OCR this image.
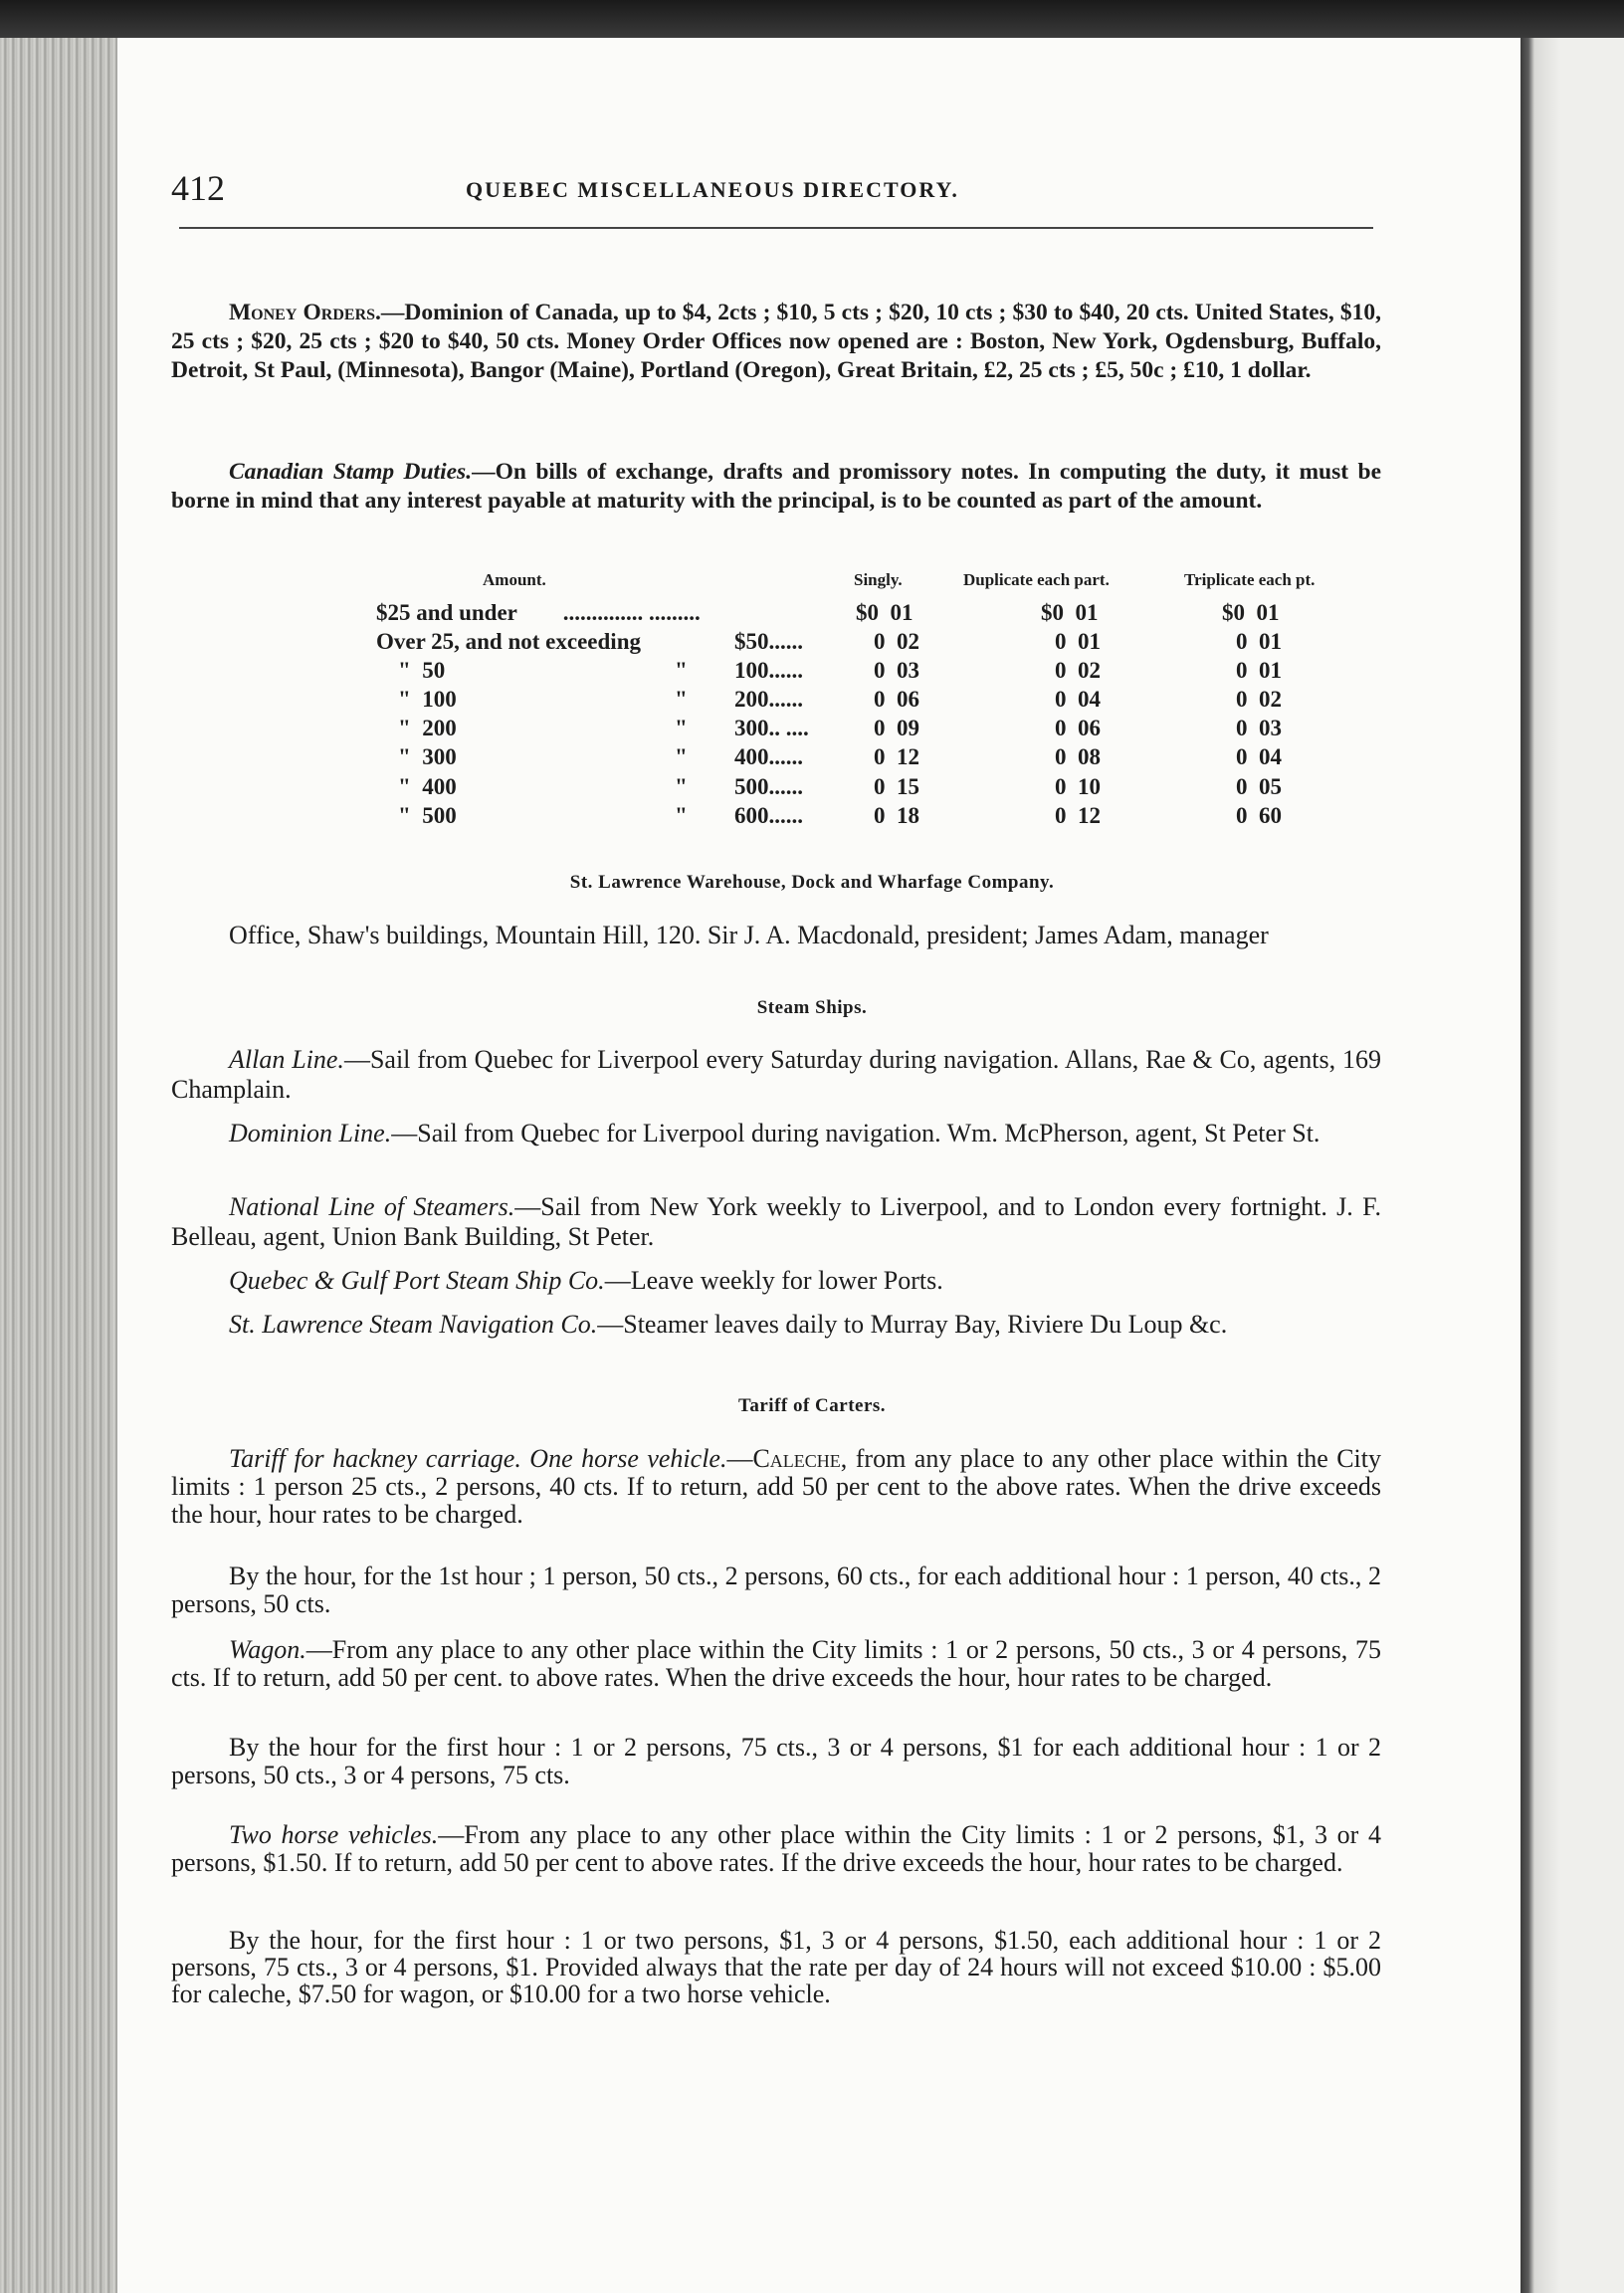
412	QUEBEC MISCELLANEOUS DIRECTORY.

Money Orders.—Dominion of Canada, up to $4, 2cts ; $10, 5 cts ; $20, 10 cts ; $30 to $40, 20 cts. United States, $10, 25 cts ; $20, 25 cts ; $20 to $40, 50 cts. Money Order Offices now opened are : Boston, New York, Ogdensburg, Buffalo, Detroit, St Paul, (Minnesota), Bangor (Maine), Portland (Oregon), Great Britain, £2, 25 cts ; £5, 50c ; £10, 1 dollar.

Canadian Stamp Duties.—On bills of exchange, drafts and promissory notes. In computing the duty, it must be borne in mind that any interest payable at maturity with the principal, is to be counted as part of the amount.

Amount.	Singly.	Duplicate each part.	Triplicate each pt.
$25 and under .............. .........	$0  01	$0  01	$0  01
Over 25, and not exceeding	$50......	0  02	0  01	0  01
"  50	" 100......	0  03	0  02	0  01
"  100	" 200......	0  06	0  04	0  02
"  200	" 300.. ....	0  09	0  06	0  03
"  300	" 400......	0  12	0  08	0  04
"  400	" 500......	0  15	0  10	0  05
"  500	" 600......	0  18	0  12	0  60
St. Lawrence Warehouse, Dock and Wharfage Company.

Office, Shaw's buildings, Mountain Hill, 120. Sir J. A. Macdonald, president; James Adam, manager

Steam Ships.

Allan Line.—Sail from Quebec for Liverpool every Saturday during navigation. Allans, Rae & Co, agents, 169 Champlain.

Dominion Line.—Sail from Quebec for Liverpool during navigation. Wm. McPherson, agent, St Peter St.

National Line of Steamers.—Sail from New York weekly to Liverpool, and to London every fortnight. J. F. Belleau, agent, Union Bank Building, St Peter.

Quebec & Gulf Port Steam Ship Co.—Leave weekly for lower Ports.

St. Lawrence Steam Navigation Co.—Steamer leaves daily to Murray Bay, Riviere Du Loup &c.

Tariff of Carters.

Tariff for hackney carriage. One horse vehicle.—Caleche, from any place to any other place within the City limits : 1 person 25 cts., 2 persons, 40 cts. If to return, add 50 per cent to the above rates. When the drive exceeds the hour, hour rates to be charged.

By the hour, for the 1st hour ; 1 person, 50 cts., 2 persons, 60 cts., for each additional hour : 1 person, 40 cts., 2 persons, 50 cts.

Wagon.—From any place to any other place within the City limits : 1 or 2 persons, 50 cts., 3 or 4 persons, 75 cts. If to return, add 50 per cent. to above rates. When the drive exceeds the hour, hour rates to be charged.

By the hour for the first hour : 1 or 2 persons, 75 cts., 3 or 4 persons, $1 for each additional hour : 1 or 2 persons, 50 cts., 3 or 4 persons, 75 cts.

Two horse vehicles.—From any place to any other place within the City limits : 1 or 2 persons, $1, 3 or 4 persons, $1.50. If to return, add 50 per cent to above rates. If the drive exceeds the hour, hour rates to be charged.

By the hour, for the first hour : 1 or two persons, $1, 3 or 4 persons, $1.50, each additional hour : 1 or 2 persons, 75 cts., 3 or 4 persons, $1. Provided always that the rate per day of 24 hours will not exceed $10.00 : $5.00 for caleche, $7.50 for wagon, or $10.00 for a two horse vehicle.
